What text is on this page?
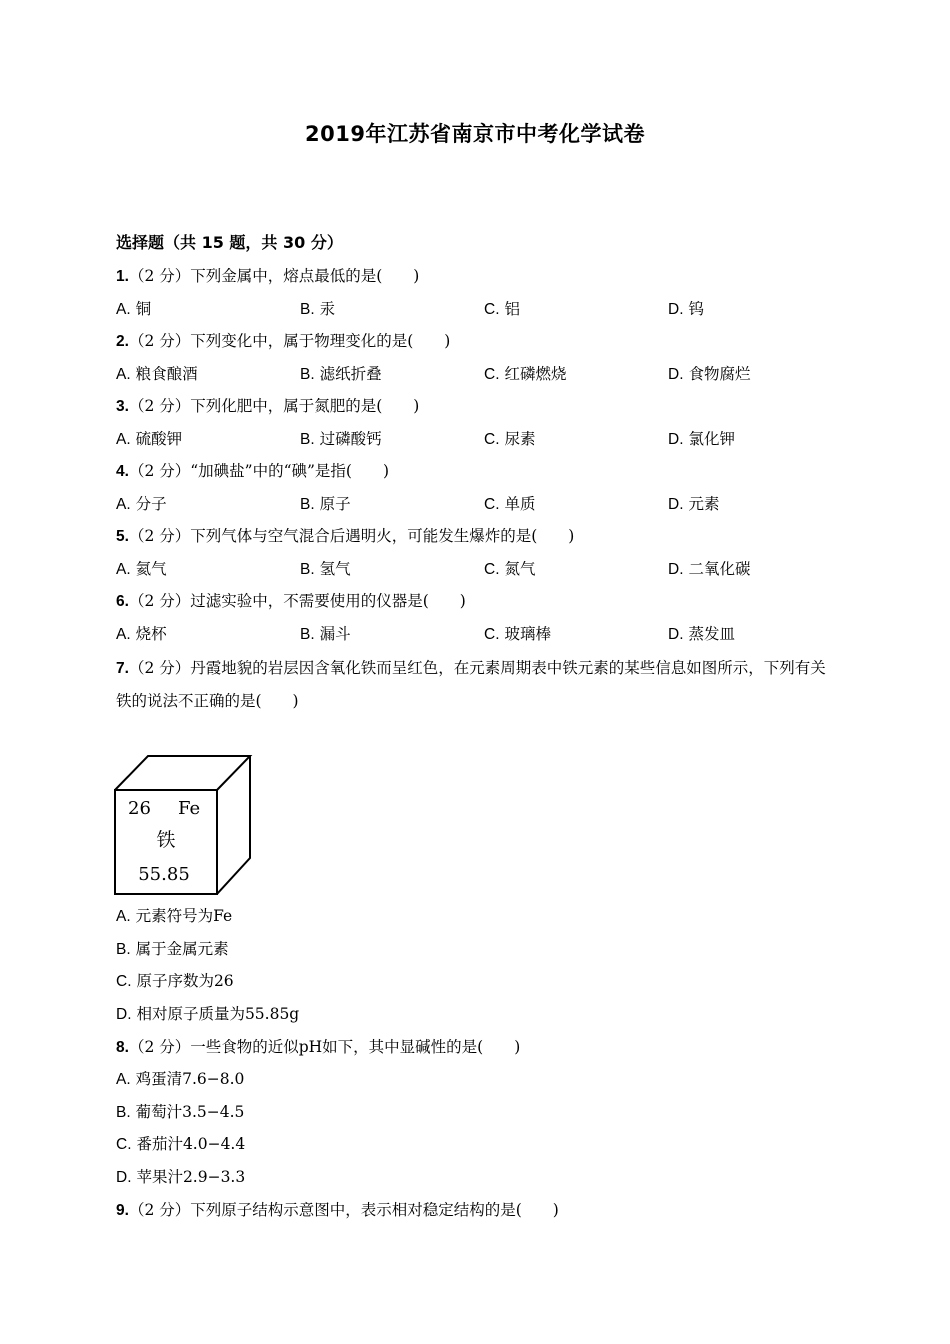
2019年江苏省南京市中考化学试卷
选择题（共 15 题，共 30 分）
1.（2 分）下列金属中，熔点最低的是(　　)
A. 铜	B. 汞	C. 铝	D. 钨
2.（2 分）下列变化中，属于物理变化的是(　　)
A. 粮食酿酒	B. 滤纸折叠	C. 红磷燃烧	D. 食物腐烂
3.（2 分）下列化肥中，属于氮肥的是(　　)
A. 硫酸钾	B. 过磷酸钙	C. 尿素	D. 氯化钾
4.（2 分）“加碘盐”中的“碘”是指(　　)
A. 分子	B. 原子	C. 单质	D. 元素
5.（2 分）下列气体与空气混合后遇明火，可能发生爆炸的是(　　)
A. 氦气	B. 氢气	C. 氮气	D. 二氧化碳
6.（2 分）过滤实验中，不需要使用的仪器是(　　)
A. 烧杯	B. 漏斗	C. 玻璃棒	D. 蒸发皿
7.（2 分）丹霞地貌的岩层因含氧化铁而呈红色，在元素周期表中铁元素的某些信息如图所示，下列有关铁的说法不正确的是(　　)
26 Fe
铁
55.85
A. 元素符号为Fe
B. 属于金属元素
C. 原子序数为26
D. 相对原子质量为55.85g
8.（2 分）一些食物的近似pH如下，其中显碱性的是(　　)
A. 鸡蛋清7.6−8.0
B. 葡萄汁3.5−4.5
C. 番茄汁4.0−4.4
D. 苹果汁2.9−3.3
9.（2 分）下列原子结构示意图中，表示相对稳定结构的是(　　)
